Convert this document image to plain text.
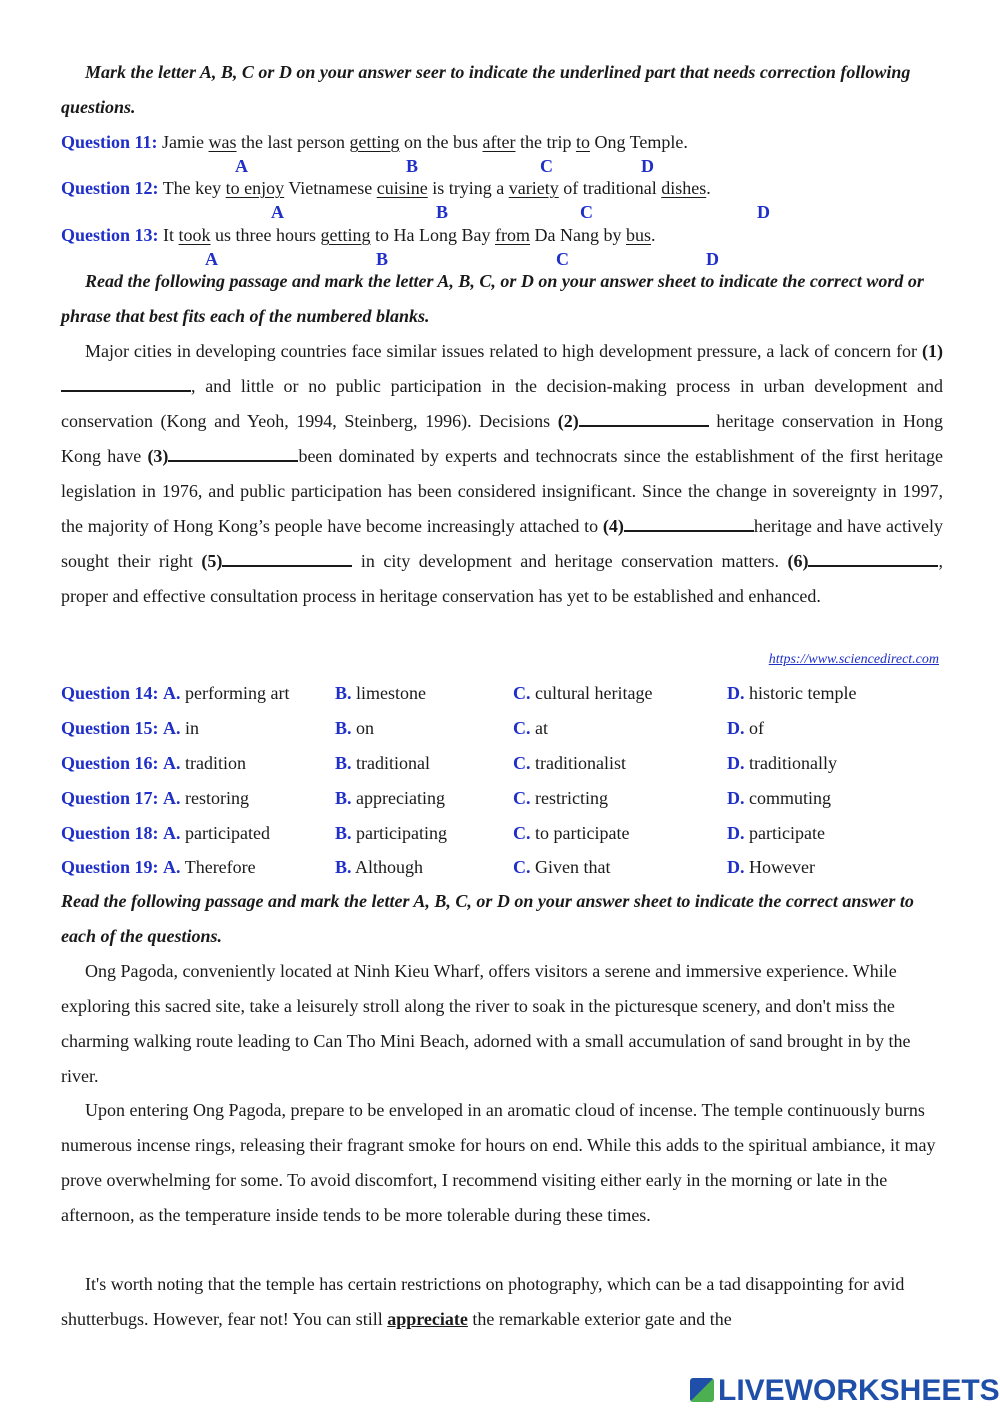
Mark the letter A, B, C or D on your answer seer to indicate the underlined part that needs correction following questions.
Question 11: Jamie was the last person getting on the bus after the trip to Ong Temple.
A	B	C	D
Question 12: The key to enjoy Vietnamese cuisine is trying a variety of traditional dishes.
A	B	C	D
Question 13: It took us three hours getting to Ha Long Bay from Da Nang by bus.
A	B	C	D
Read the following passage and mark the letter A, B, C, or D on your answer sheet to indicate the correct word or phrase that best fits each of the numbered blanks.
Major cities in developing countries face similar issues related to high development pressure, a lack of concern for (1), and little or no public participation in the decision-making process in urban development and conservation (Kong and Yeoh, 1994, Steinberg, 1996). Decisions (2)	heritage conservation in Hong Kong have (3)	been dominated by experts and technocrats since the establishment of the first heritage legislation in 1976, and public participation has been considered insignificant. Since the change in sovereignty in 1997, the majority of Hong Kong’s people have become increasingly attached to (4)	heritage and have actively sought their right (5)	in city development and heritage conservation matters. (6)	, proper and effective consultation process in heritage conservation has yet to be established and enhanced.
https://www.sciencedirect.com
Question 14: A. performing art	B. limestone	C. cultural heritage	D. historic temple
Question 15: A. in	B. on	C. at	D. of
Question 16: A. tradition	B. traditional	C. traditionalist	D. traditionally
Question 17: A. restoring	B. appreciating	C. restricting	D. commuting
Question 18: A. participated	B. participating	C. to participate	D. participate
Question 19: A. Therefore	B. Although	C. Given that	D. However
Read the following passage and mark the letter A, B, C, or D on your answer sheet to indicate the correct answer to each of the questions.
Ong Pagoda, conveniently located at Ninh Kieu Wharf, offers visitors a serene and immersive experience. While exploring this sacred site, take a leisurely stroll along the river to soak in the picturesque scenery, and don't miss the charming walking route leading to Can Tho Mini Beach, adorned with a small accumulation of sand brought in by the river.
Upon entering Ong Pagoda, prepare to be enveloped in an aromatic cloud of incense. The temple continuously burns numerous incense rings, releasing their fragrant smoke for hours on end. While this adds to the spiritual ambiance, it may prove overwhelming for some. To avoid discomfort, I recommend visiting either early in the morning or late in the afternoon, as the temperature inside tends to be more tolerable during these times.
It's worth noting that the temple has certain restrictions on photography, which can be a tad disappointing for avid shutterbugs. However, fear not! You can still appreciate the remarkable exterior gate and the
LIVEWORKSHEETS
